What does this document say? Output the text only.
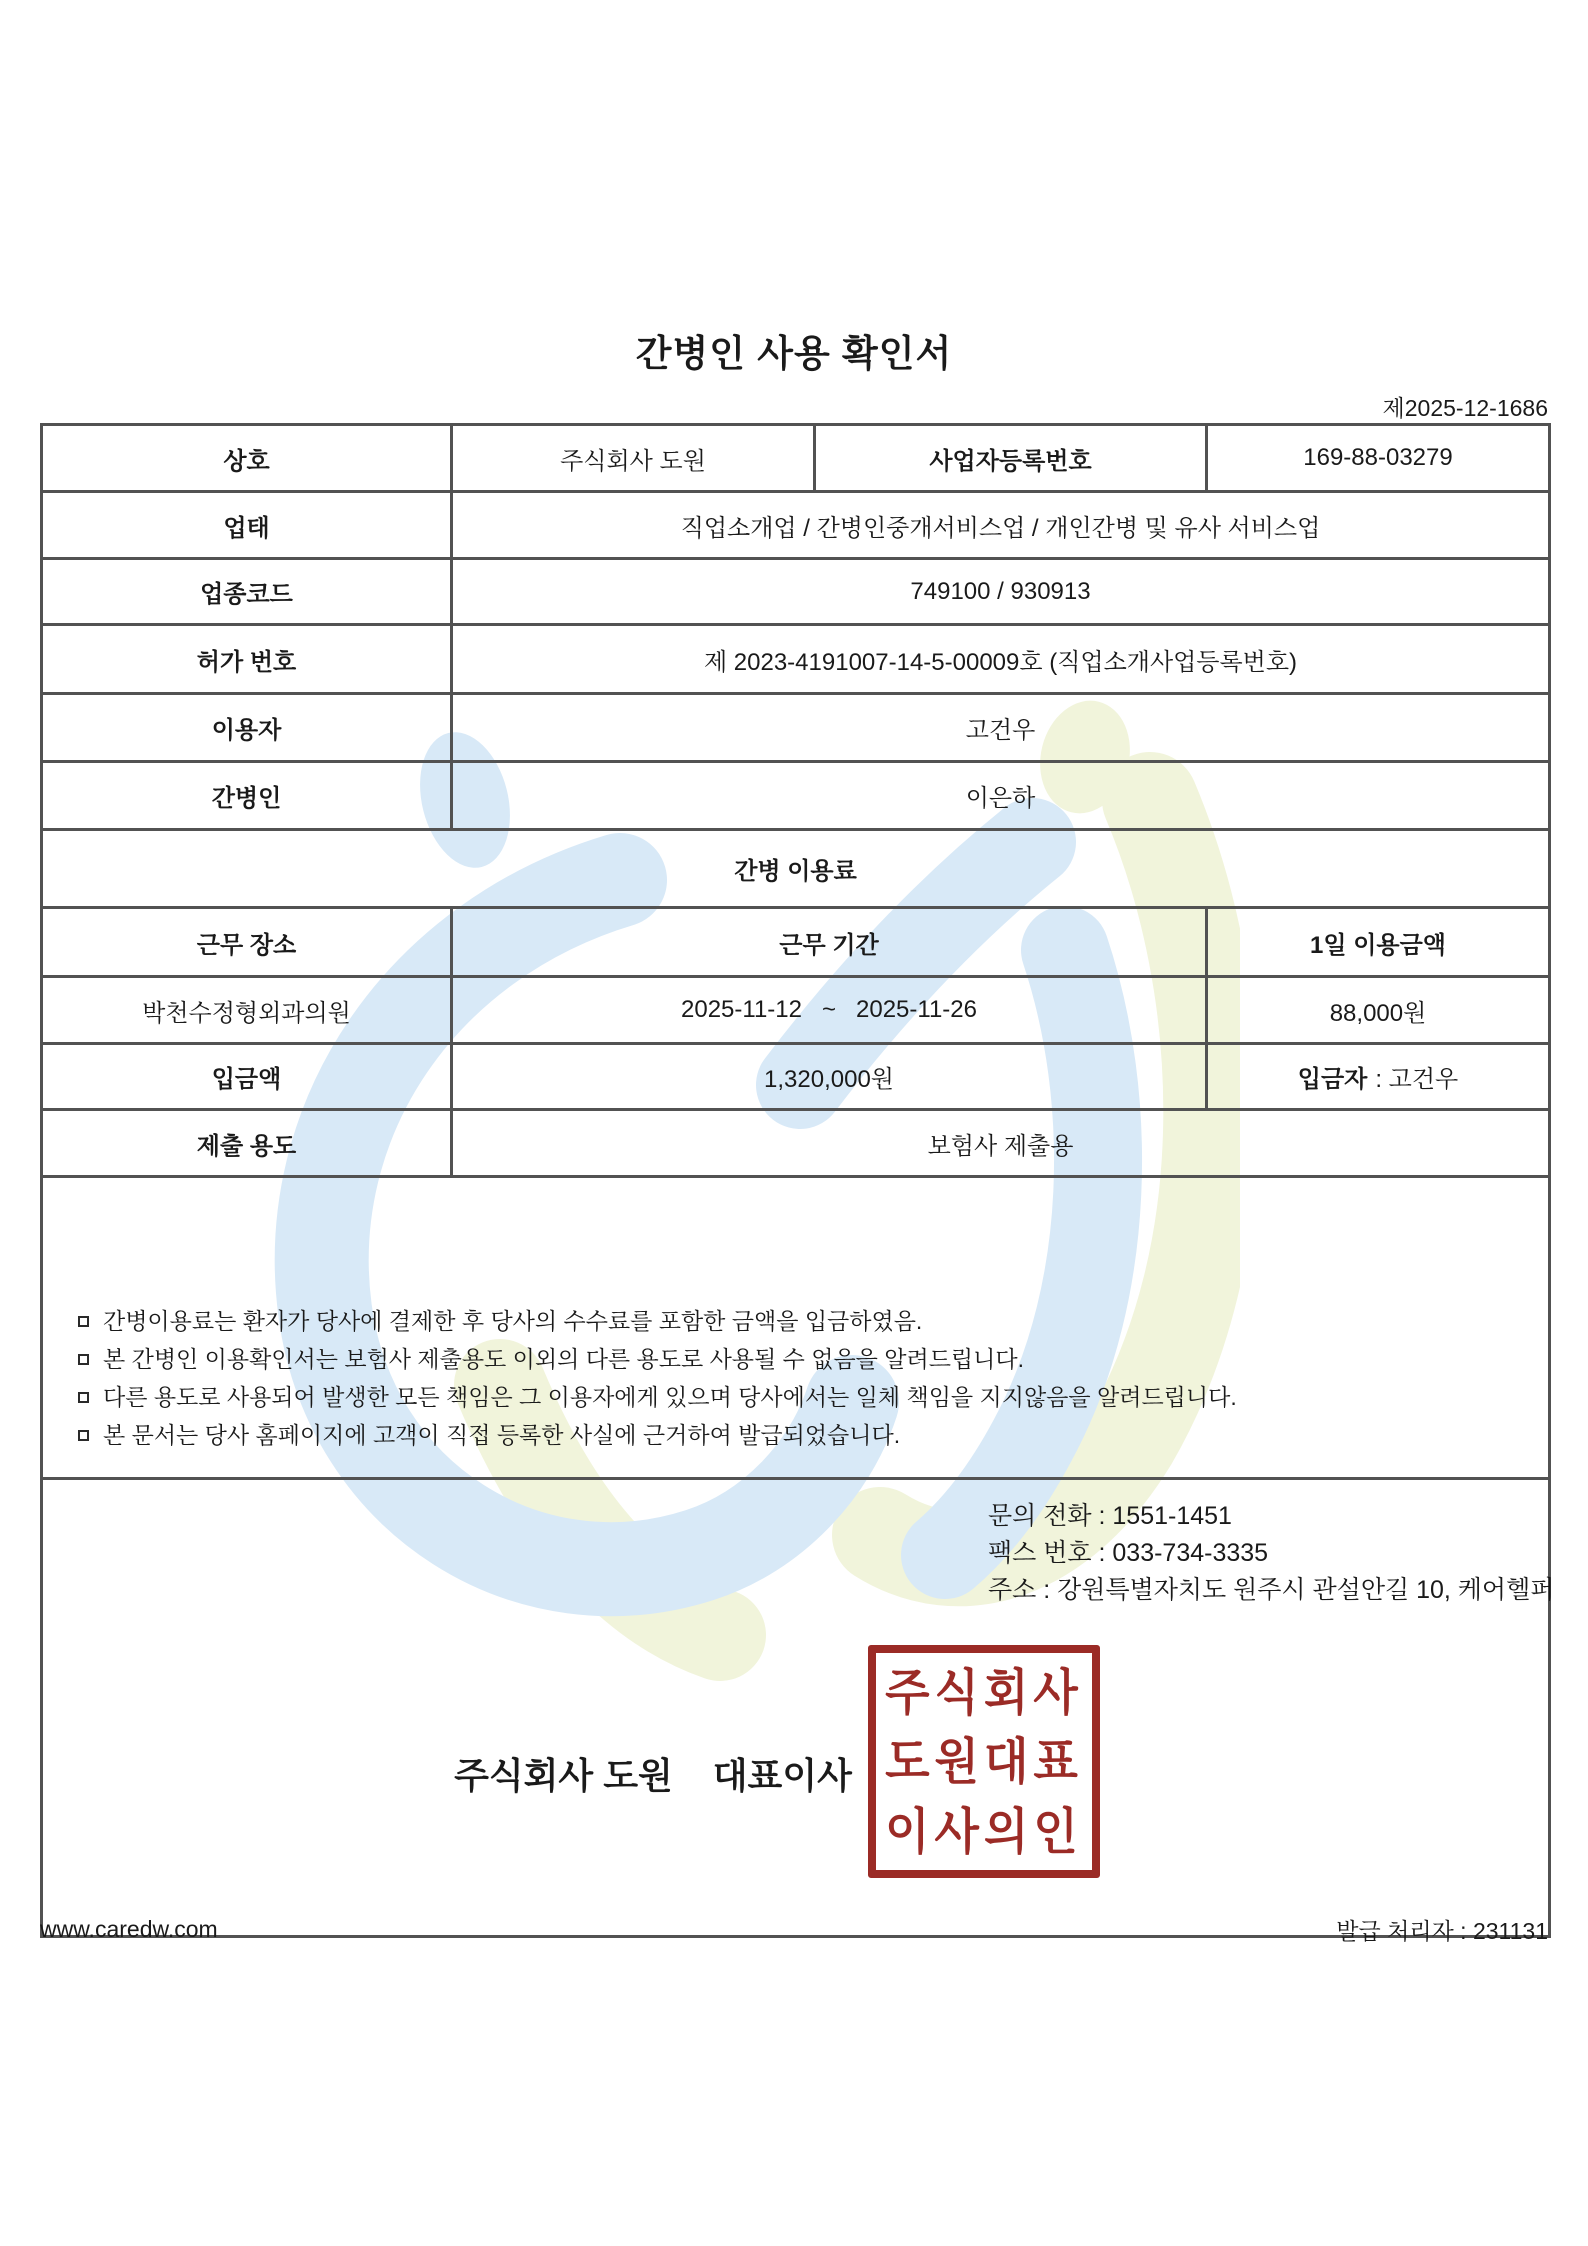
간병인 사용 확인서
제2025-12-1686
상호	주식회사 도원	사업자등록번호	169-88-03279
업태	직업소개업 / 간병인중개서비스업 / 개인간병 및 유사 서비스업		
업종코드	749100 / 930913		
허가 번호	제 2023-4191007-14-5-00009호 (직업소개사업등록번호)		
이용자	고건우		
간병인	이은하		
간병 이용료			
근무 장소	근무 기간		1일 이용금액
박천수정형외과의원	2025-11-12   ~   2025-11-26		88,000원
입금액	1,320,000원		입금자 : 고건우

제출 용도	보험사 제출용		

간병이용료는 환자가 당사에 결제한 후 당사의 수수료를 포함한 금액을 입금하였음.
본 간병인 이용확인서는 보험사 제출용도 이외의 다른 용도로 사용될 수 없음을 알려드립니다.
다른 용도로 사용되어 발생한 모든 책임은 그 이용자에게 있으며 당사에서는 일체 책임을 지지않음을 알려드립니다.
본 문서는 당사 홈페이지에 고객이 직접 등록한 사실에 근거하여 발급되었습니다.			

문의 전화 : 1551-1451
팩스 번호 : 033-734-3335
주소 : 강원특별자치도 원주시 관설안길 10, 케어헬퍼
주식회사 도원    대표이사
주식회사
도원대표
이사의인
www.caredw.com	발급 처리자 : 231131
